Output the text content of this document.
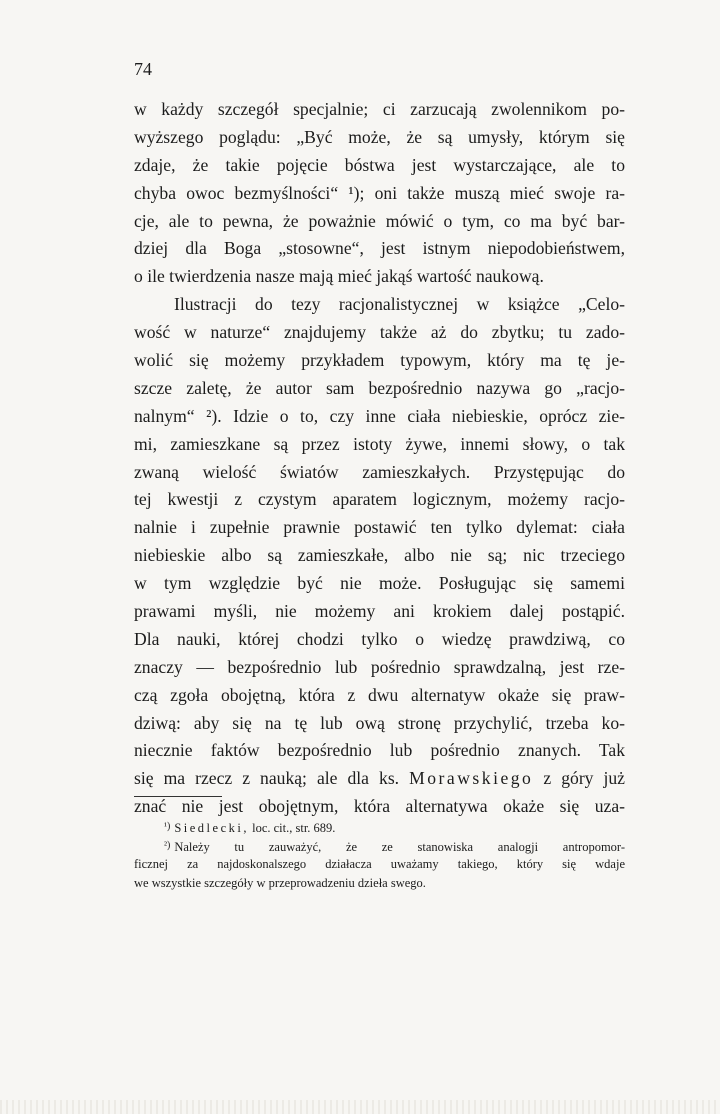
74
w każdy szczegół specjalnie; ci zarzucają zwolennikom po-
wyższego poglądu: „Być może, że są umysły, którym się
zdaje, że takie pojęcie bóstwa jest wystarczające, ale to
chyba owoc bezmyślności“ ¹); oni także muszą mieć swoje ra-
cje, ale to pewna, że poważnie mówić o tym, co ma być bar-
dziej dla Boga „stosowne“, jest istnym niepodobieństwem,
o ile twierdzenia nasze mają mieć jakąś wartość naukową.
Ilustracji do tezy racjonalistycznej w książce „Celo-
wość w naturze“ znajdujemy także aż do zbytku; tu zado-
wolić się możemy przykładem typowym, który ma tę je-
szcze zaletę, że autor sam bezpośrednio nazywa go „racjo-
nalnym“ ²). Idzie o to, czy inne ciała niebieskie, oprócz zie-
mi, zamieszkane są przez istoty żywe, innemi słowy, o tak
zwaną wielość światów zamieszkałych. Przystępując do
tej kwestji z czystym aparatem logicznym, możemy racjo-
nalnie i zupełnie prawnie postawić ten tylko dylemat: ciała
niebieskie albo są zamieszkałe, albo nie są; nic trzeciego
w tym względzie być nie może. Posługując się samemi
prawami myśli, nie możemy ani krokiem dalej postąpić.
Dla nauki, której chodzi tylko o wiedzę prawdziwą, co
znaczy — bezpośrednio lub pośrednio sprawdzalną, jest rze-
czą zgoła obojętną, która z dwu alternatyw okaże się praw-
dziwą: aby się na tę lub ową stronę przychylić, trzeba ko-
niecznie faktów bezpośrednio lub pośrednio znanych. Tak
się ma rzecz z nauką; ale dla ks. Morawskiego z góry już
znać nie jest obojętnym, która alternatywa okaże się uza-
$^{^1)}$ Siedlecki, loc. cit., str. 689.
$^{^2)}$ Należy tu zauważyć, że ze stanowiska analogji antropomor-
ficznej za najdoskonalszego działacza uważamy takiego, który się wdaje
we wszystkie szczegóły w przeprowadzeniu dzieła swego.
